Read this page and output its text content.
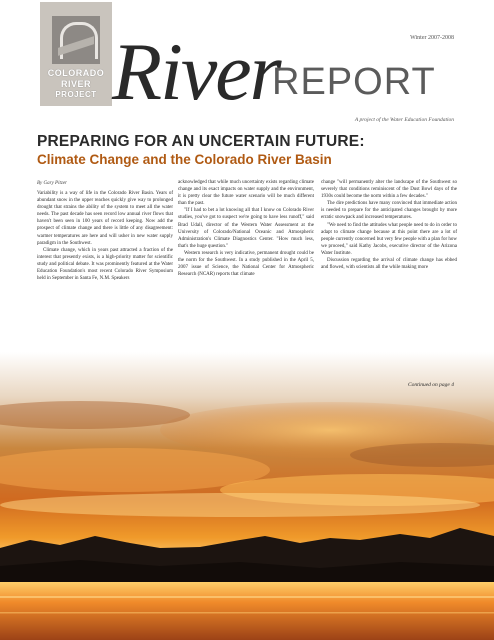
COLORADO
RIVER
PROJECT
Winter 2007-2008
River
REPORT
A project of the Water Education Foundation
PREPARING FOR AN UNCERTAIN FUTURE:
Climate Change and the Colorado River Basin
By Gary Pitzer

Variability is a way of life in the Colorado River Basin. Years of abundant snow in the upper reaches quickly give way to prolonged drought that strains the ability of the system to meet all the water needs. The past decade has seen record low annual river flows that haven't been seen in 100 years of record keeping. Now add the prospect of climate change and there is little of any disagreement: warmer temperatures are here and will usher in new water supply paradigm in the Southwest.

Climate change, which in years past attracted a fraction of the interest that presently exists, is a high-priority matter for scientific study and political debate. It was prominently featured at the Water Education Foundation's most recent Colorado River Symposium held in September in Santa Fe, N.M. Speakers

acknowledged that while much uncertainty exists regarding climate change and its exact impacts on water supply and the environment, it is pretty clear the future water scenario will be much different than the past.

"If I had to bet a lot knowing all that I know on Colorado River studies, you've got to suspect we're going to have less runoff," said Brad Udall, director of the Western Water Assessment at the University of Colorado/National Oceanic and Atmospheric Administration's Climate Diagnostics Center. "How much less, that's the huge question."

Western research is very indicative, permanent drought could be the norm for the Southwest. In a study published in the April 5, 2007 issue of Science, the National Center for Atmospheric Research (NCAR) reports that climate

change "will permanently alter the landscape of the Southwest so severely that conditions reminiscent of the Dust Bowl days of the 1930s could become the norm within a few decades."

The dire predictions have many convinced that immediate action is needed to prepare for the anticipated changes brought by more erratic snowpack and increased temperatures.

"We need to find the attitudes what people need to do in order to adapt to climate change because at this point there are a lot of people currently concerned but very few people with a plan for how we proceed," said Kathy Jacobs, executive director of the Arizona Water Institute.

Discussion regarding the arrival of climate change has ebbed and flowed, with scientists all the while making more

Continued on page 4
